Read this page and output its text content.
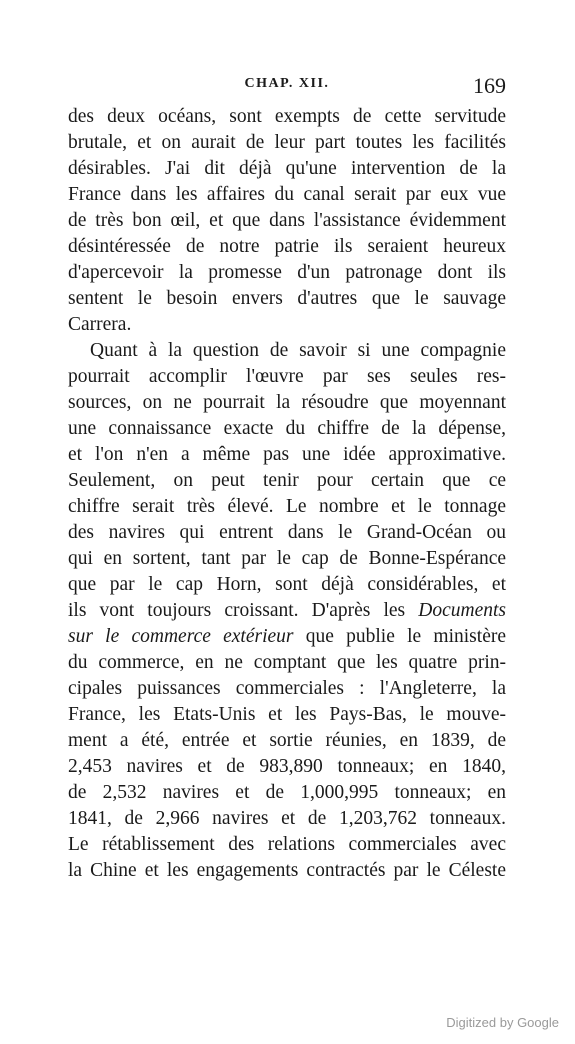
CHAP. XII.	169
des deux océans, sont exempts de cette servitude
brutale, et on aurait de leur part toutes les facilités
désirables. J'ai dit déjà qu'une intervention de la
France dans les affaires du canal serait par eux vue
de très bon œil, et que dans l'assistance évidemment
désintéressée de notre patrie ils seraient heureux
d'apercevoir la promesse d'un patronage dont ils
sentent le besoin envers d'autres que le sauvage
Carrera.
Quant à la question de savoir si une compagnie
pourrait accomplir l'œuvre par ses seules res-
sources, on ne pourrait la résoudre que moyennant
une connaissance exacte du chiffre de la dépense,
et l'on n'en a même pas une idée approximative.
Seulement, on peut tenir pour certain que ce
chiffre serait très élevé. Le nombre et le tonnage
des navires qui entrent dans le Grand-Océan ou
qui en sortent, tant par le cap de Bonne-Espérance
que par le cap Horn, sont déjà considérables, et
ils vont toujours croissant. D'après les Documents
sur le commerce extérieur que publie le ministère
du commerce, en ne comptant que les quatre prin-
cipales puissances commerciales : l'Angleterre, la
France, les Etats-Unis et les Pays-Bas, le mouve-
ment a été, entrée et sortie réunies, en 1839, de
2,453 navires et de 983,890 tonneaux; en 1840,
de 2,532 navires et de 1,000,995 tonneaux; en
1841, de 2,966 navires et de 1,203,762 tonneaux.
Le rétablissement des relations commerciales avec
la Chine et les engagements contractés par le Céleste
Digitized by Google
